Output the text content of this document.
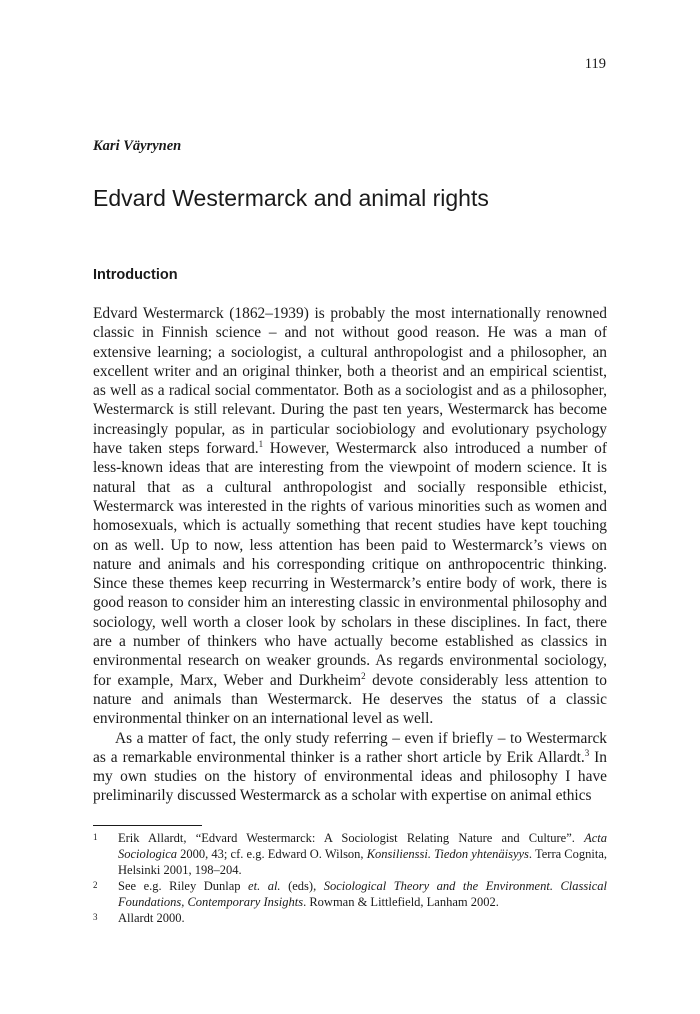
119
Kari Väyrynen
Edvard Westermarck and animal rights
Introduction

Edvard Westermarck (1862–1939) is probably the most internationally renowned classic in Finnish science – and not without good reason. He was a man of extensive learning; a sociologist, a cultural anthropologist and a philosopher, an excellent writer and an original thinker, both a theorist and an empirical scientist, as well as a radical social commentator. Both as a sociologist and as a philosopher, Westermarck is still relevant. During the past ten years, Westermarck has become increasingly popular, as in particular sociobiology and evolutionary psychology have taken steps forward.$^1$ However, Westermarck also introduced a number of less-known ideas that are interesting from the viewpoint of modern science. It is natural that as a cultural anthropologist and socially responsible ethicist, Westermarck was interested in the rights of various minorities such as women and homosexuals, which is actually something that recent studies have kept touching on as well. Up to now, less attention has been paid to Westermarck’s views on nature and animals and his corresponding critique on anthropocentric thinking. Since these themes keep recurring in Westermarck’s entire body of work, there is good reason to consider him an interesting classic in environmental philosophy and sociology, well worth a closer look by scholars in these disciplines. In fact, there are a number of thinkers who have actually become established as classics in environmental research on weaker grounds. As regards environmental sociology, for example, Marx, Weber and Durkheim$^2$ devote considerably less attention to nature and animals than Westermarck. He deserves the status of a classic environmental thinker on an international level as well.

As a matter of fact, the only study referring – even if briefly – to Westermarck as a remarkable environmental thinker is a rather short article by Erik Allardt.$^3$ In my own studies on the history of environmental ideas and philosophy I have preliminarily discussed Westermarck as a scholar with expertise on animal ethics

1 Erik Allardt, “Edvard Westermarck: A Sociologist Relating Nature and Culture”. Acta Sociologica 2000, 43; cf. e.g. Edward O. Wilson, Konsilienssi. Tiedon yhtenäisyys. Terra Cognita, Helsinki 2001, 198–204.
2 See e.g. Riley Dunlap et. al. (eds), Sociological Theory and the Environment. Classical Foundations, Contemporary Insights. Rowman & Littlefield, Lanham 2002.
3 Allardt 2000.
